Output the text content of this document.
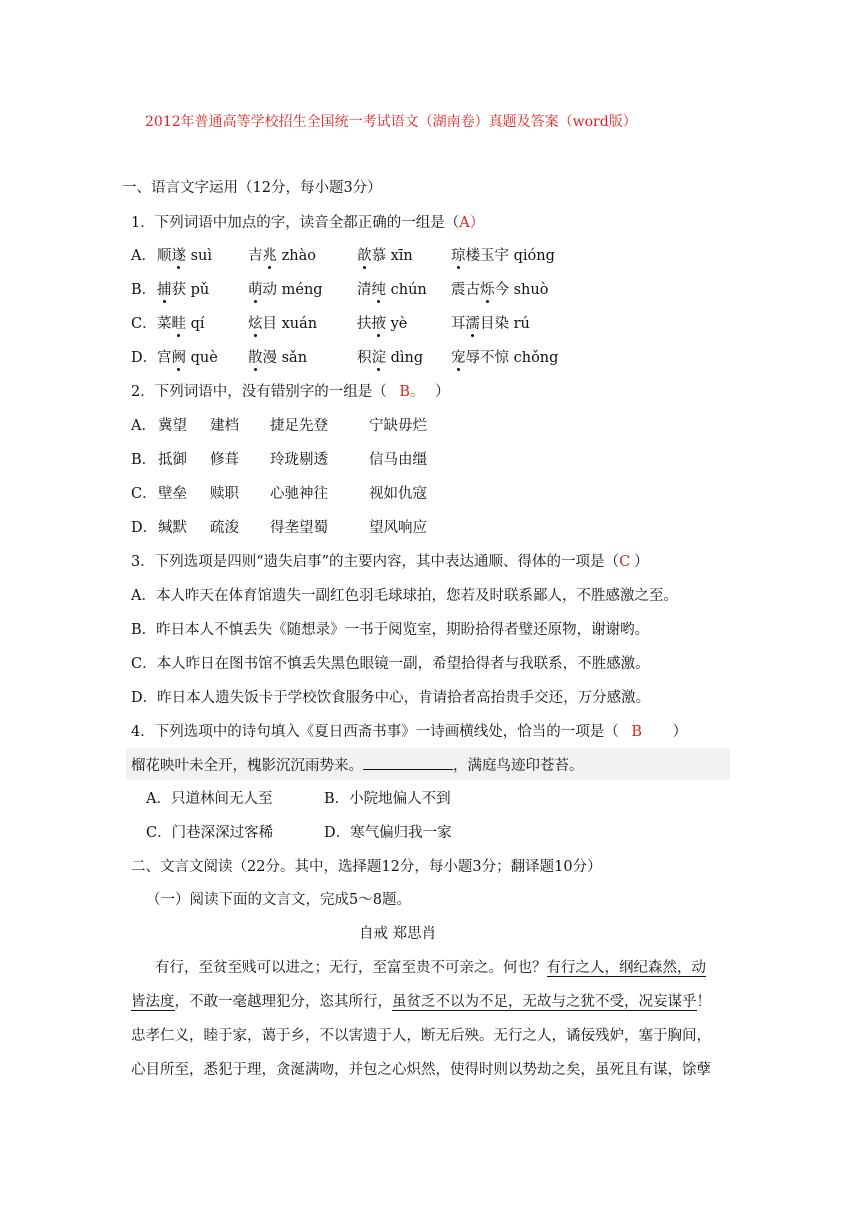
2012年普通高等学校招生全国统一考试语文（湖南卷）真题及答案（word版）
一、语言文字运用（12分，每小题3分）
1．下列词语中加点的字，读音全都正确的一组是（A）
2．下列词语中，没有错别字的一组是（ B。 ）
3．下列选项是四则“遗失启事”的主要内容，其中表达通顺、得体的一项是（C ）
A．本人昨天在体育馆遗失一副红色羽毛球球拍，您若及时联系鄙人，不胜感激之至。
B．昨日本人不慎丢失《随想录》一书于阅览室，期盼拾得者璧还原物，谢谢哟。
C．本人昨日在图书馆不慎丢失黑色眼镜一副，希望拾得者与我联系，不胜感激。
D．昨日本人遗失饭卡于学校饮食服务中心，肯请拾者高抬贵手交还，万分感激。
4．下列选项中的诗句填入《夏日西斋书事》一诗画横线处，恰当的一项是（ B ）
榴花映叶未全开，槐影沉沉雨势来。	，满庭鸟迹印苍苔。
A．只道林间无人至	B．小院地偏人不到
C．门巷深深过客稀	D．寒气偏归我一家
二、文言文阅读（22分。其中，选择题12分，每小题3分；翻译题10分）
（一）阅读下面的文言文，完成5～8题。
自戒 郑思肖
有行，至贫至贱可以进之；无行，至富至贵不可亲之。何也？有行之人，纲纪森然，动
皆法度，不敢一毫越理犯分，恣其所行，虽贫乏不以为不足，无故与之犹不受，况妄谋乎！
忠孝仁义，睦于家，蔼于乡，不以害遗于人，断无后殃。无行之人，谲佞残妒，塞于胸间，
心目所至，悉犯于理，贪涎满吻，并包之心炽然，使得时则以势劫之矣，虽死且有谋，馀孽
A． 顺遂 suì 吉兆 zhào	歆慕 xīn	琼楼玉宇 qióng
B． 捕获 pǔ	萌动 méng 清纯 chún 震古烁今 shuò
C． 菜畦 qí	炫目 xuán	扶掖 yè	耳濡目染 rú
D． 宫阙 què 散漫 sǎn	积淀 dìng 宠辱不惊 chǒng
A． 冀望 建档 捷足先登	宁缺毋烂
B． 抵御 修葺 玲珑剔透	信马由缰
C． 壁垒 赎职 心驰神往	视如仇寇
D． 缄默 疏浚 得垄望蜀	望风响应
